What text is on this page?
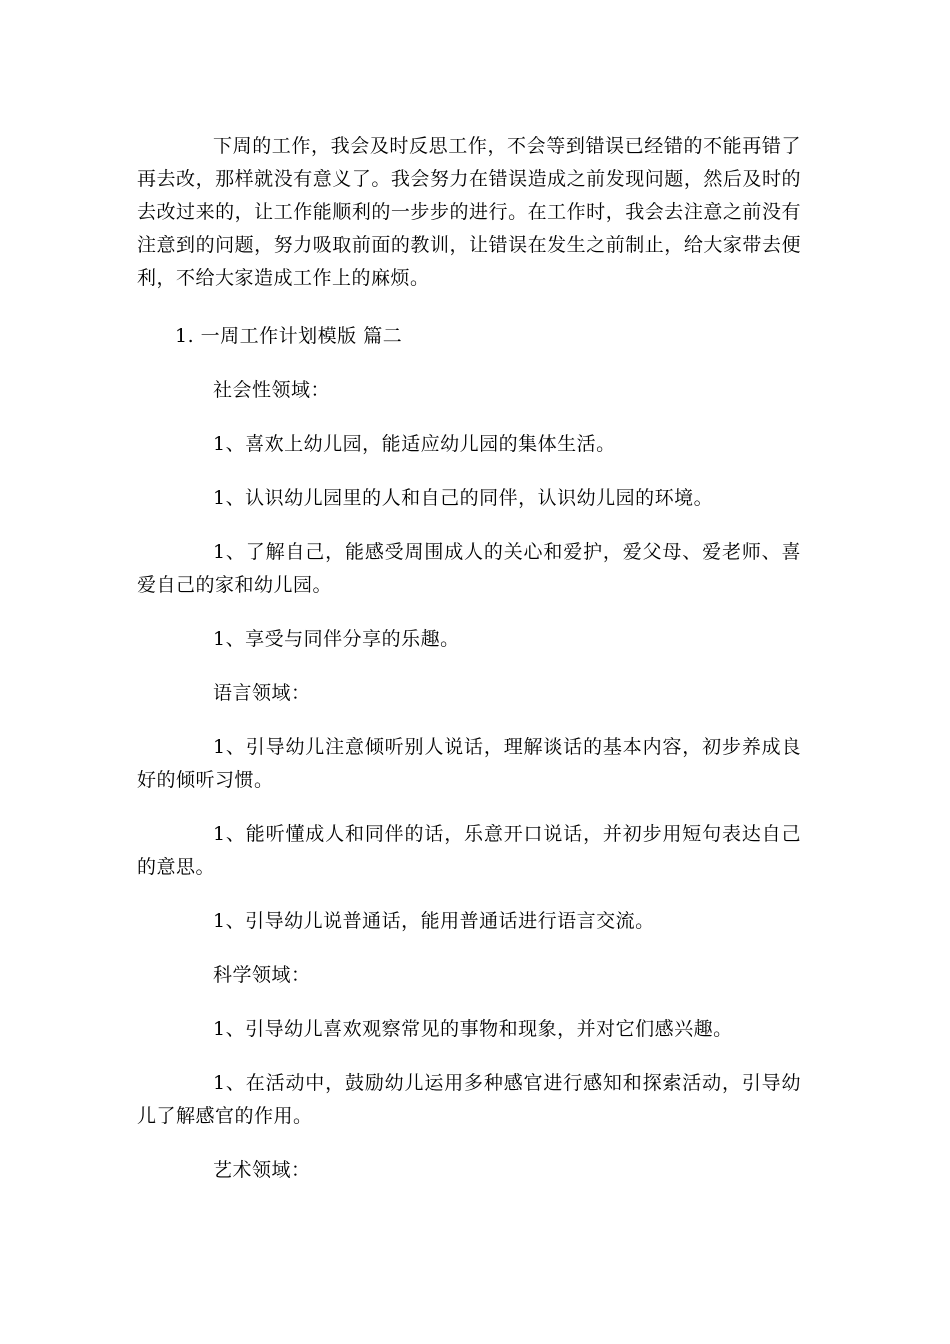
下周的工作，我会及时反思工作，不会等到错误已经错的不能再错了再去改，那样就没有意义了。我会努力在错误造成之前发现问题，然后及时的去改过来的，让工作能顺利的一步步的进行。在工作时，我会去注意之前没有注意到的问题，努力吸取前面的教训，让错误在发生之前制止，给大家带去便利，不给大家造成工作上的麻烦。

1. 一周工作计划模版 篇二

社会性领域：

1、喜欢上幼儿园，能适应幼儿园的集体生活。

1、认识幼儿园里的人和自己的同伴，认识幼儿园的环境。

1、了解自己，能感受周围成人的关心和爱护，爱父母、爱老师、喜爱自己的家和幼儿园。

1、享受与同伴分享的乐趣。

语言领域：

1、引导幼儿注意倾听别人说话，理解谈话的基本内容，初步养成良好的倾听习惯。

1、能听懂成人和同伴的话，乐意开口说话，并初步用短句表达自己的意思。

1、引导幼儿说普通话，能用普通话进行语言交流。

科学领域：

1、引导幼儿喜欢观察常见的事物和现象，并对它们感兴趣。

1、在活动中，鼓励幼儿运用多种感官进行感知和探索活动，引导幼儿了解感官的作用。

艺术领域：
